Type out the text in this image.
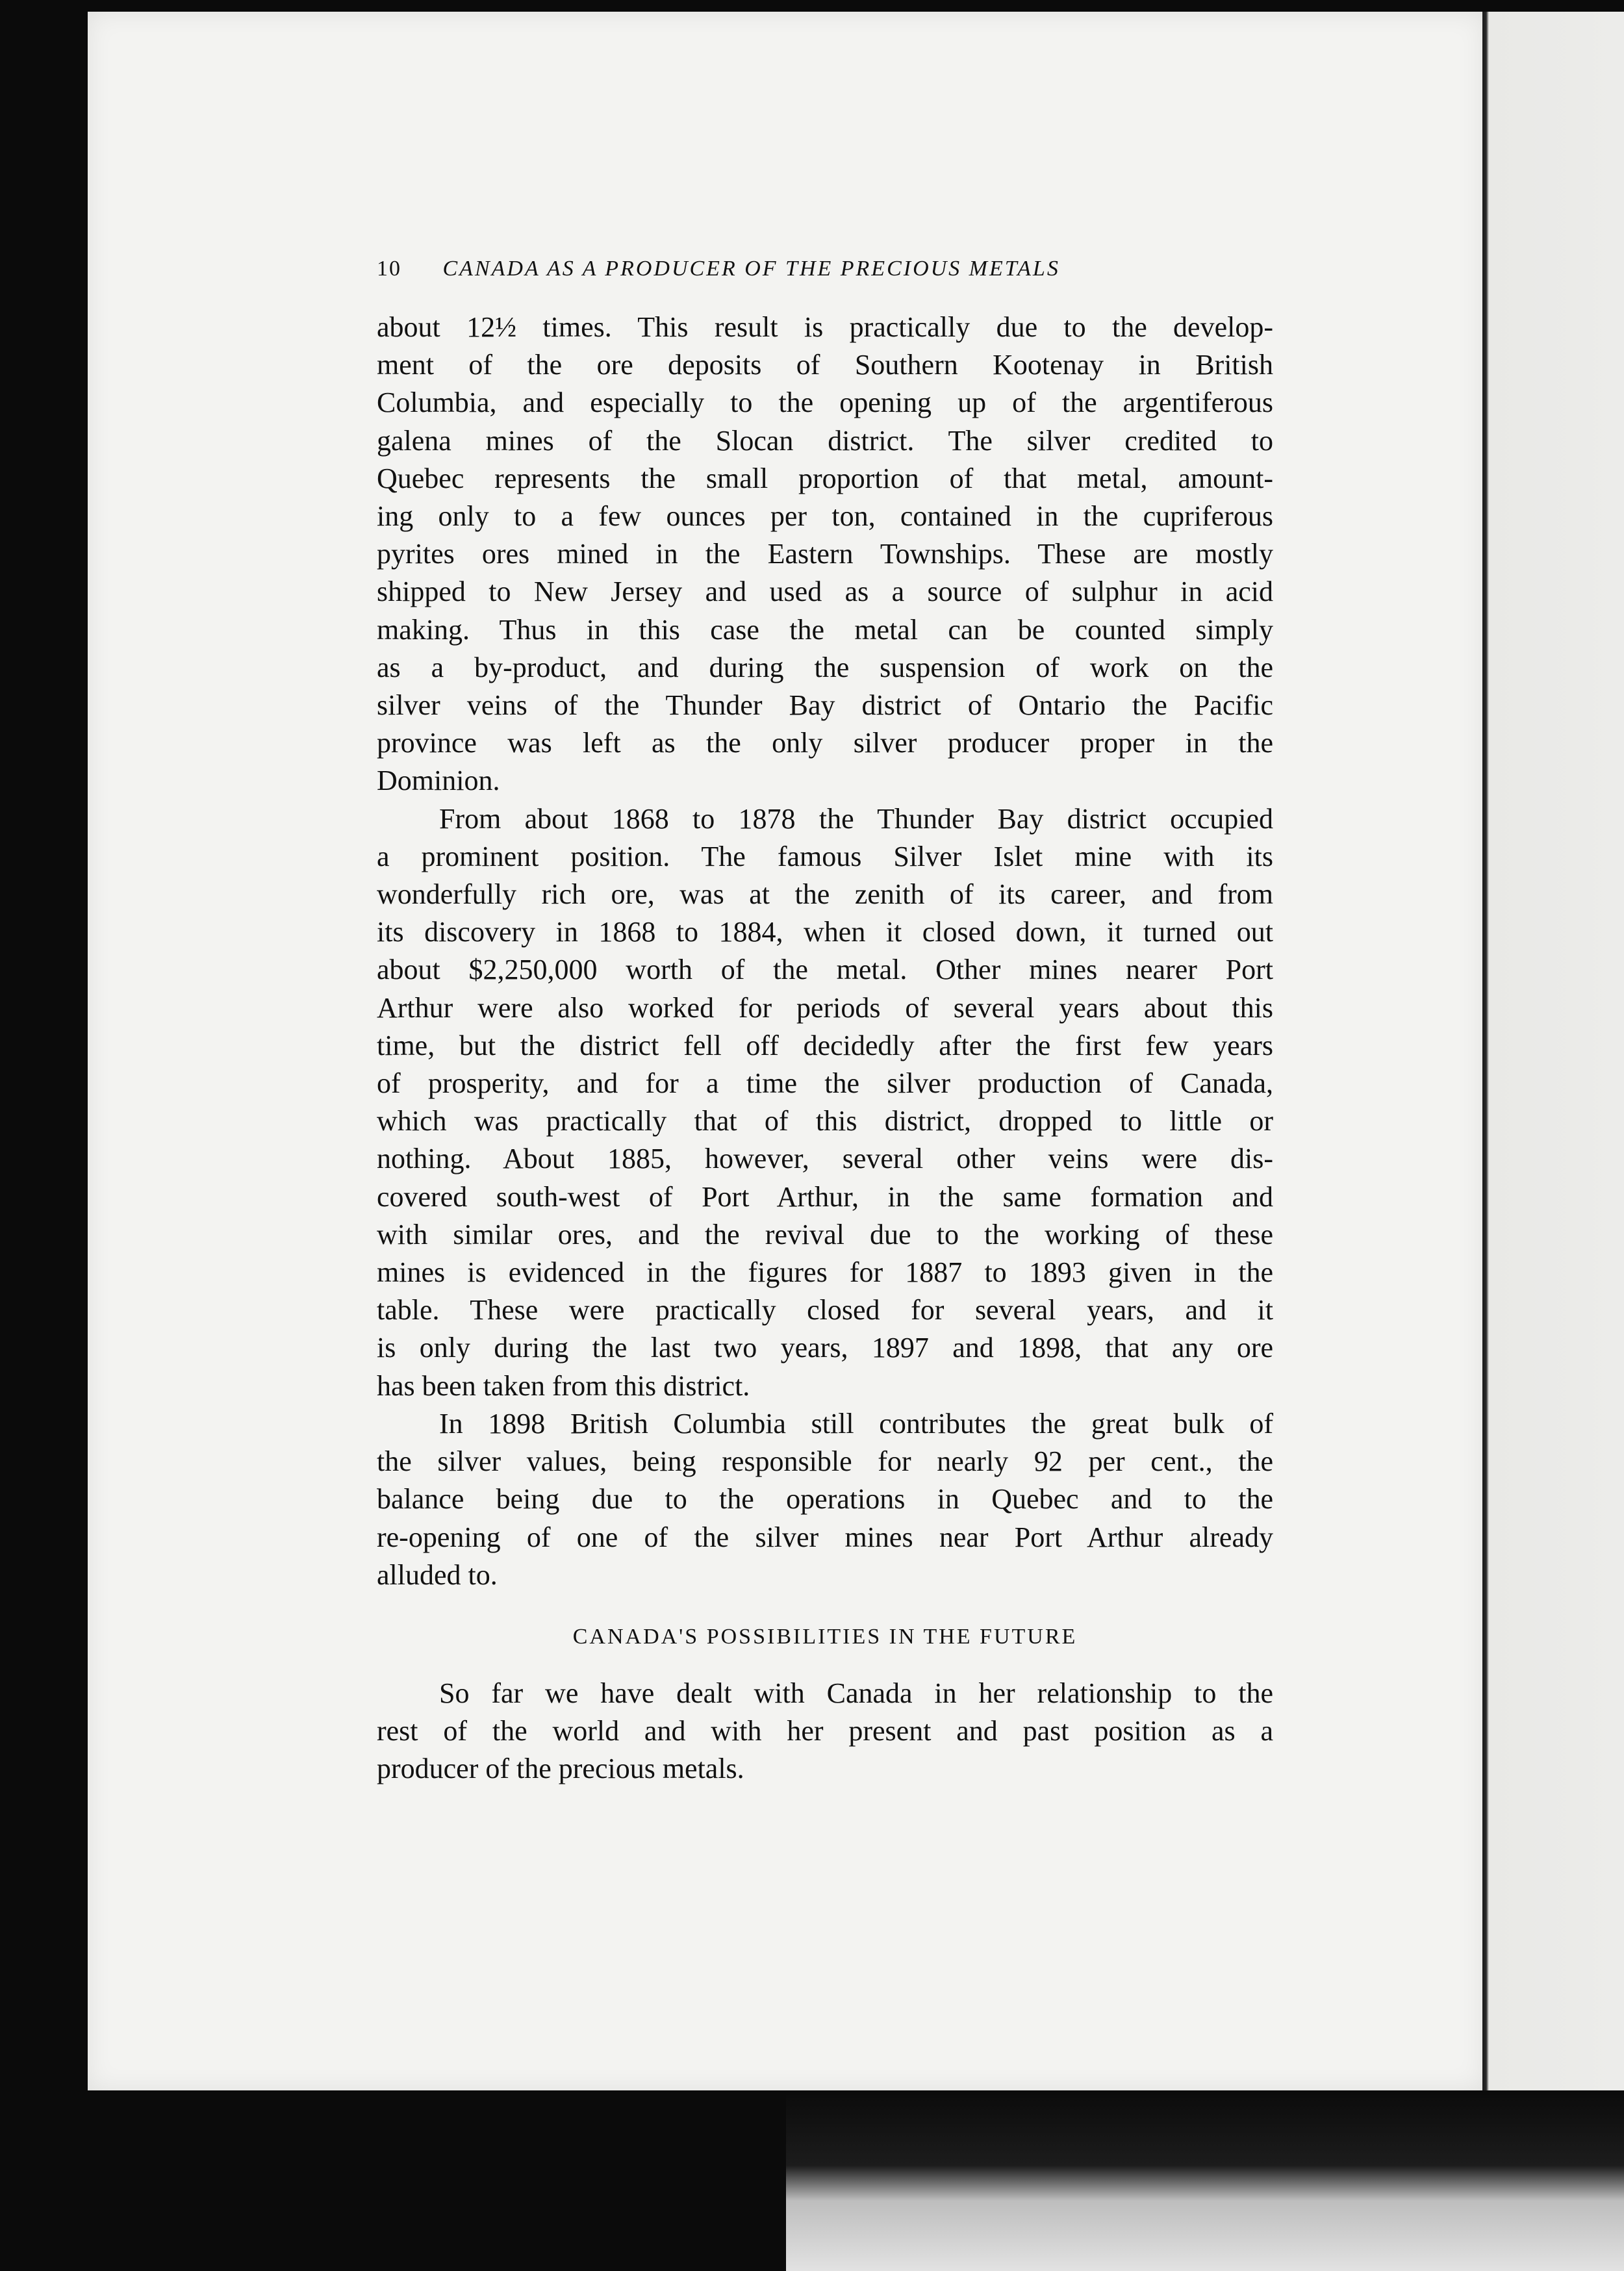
10 CANADA AS A PRODUCER OF THE PRECIOUS METALS
about 12½ times. This result is practically due to the develop-
ment of the ore deposits of Southern Kootenay in British
Columbia, and especially to the opening up of the argentiferous
galena mines of the Slocan district. The silver credited to
Quebec represents the small proportion of that metal, amount-
ing only to a few ounces per ton, contained in the cupriferous
pyrites ores mined in the Eastern Townships. These are mostly
shipped to New Jersey and used as a source of sulphur in acid
making. Thus in this case the metal can be counted simply
as a by-product, and during the suspension of work on the
silver veins of the Thunder Bay district of Ontario the Pacific
province was left as the only silver producer proper in the
Dominion.
From about 1868 to 1878 the Thunder Bay district occupied
a prominent position. The famous Silver Islet mine with its
wonderfully rich ore, was at the zenith of its career, and from
its discovery in 1868 to 1884, when it closed down, it turned out
about $2,250,000 worth of the metal. Other mines nearer Port
Arthur were also worked for periods of several years about this
time, but the district fell off decidedly after the first few years
of prosperity, and for a time the silver production of Canada,
which was practically that of this district, dropped to little or
nothing. About 1885, however, several other veins were dis-
covered south-west of Port Arthur, in the same formation and
with similar ores, and the revival due to the working of these
mines is evidenced in the figures for 1887 to 1893 given in the
table. These were practically closed for several years, and it
is only during the last two years, 1897 and 1898, that any ore
has been taken from this district.
In 1898 British Columbia still contributes the great bulk of
the silver values, being responsible for nearly 92 per cent., the
balance being due to the operations in Quebec and to the
re-opening of one of the silver mines near Port Arthur already
alluded to.
CANADA'S POSSIBILITIES IN THE FUTURE
So far we have dealt with Canada in her relationship to the
rest of the world and with her present and past position as a
producer of the precious metals.
